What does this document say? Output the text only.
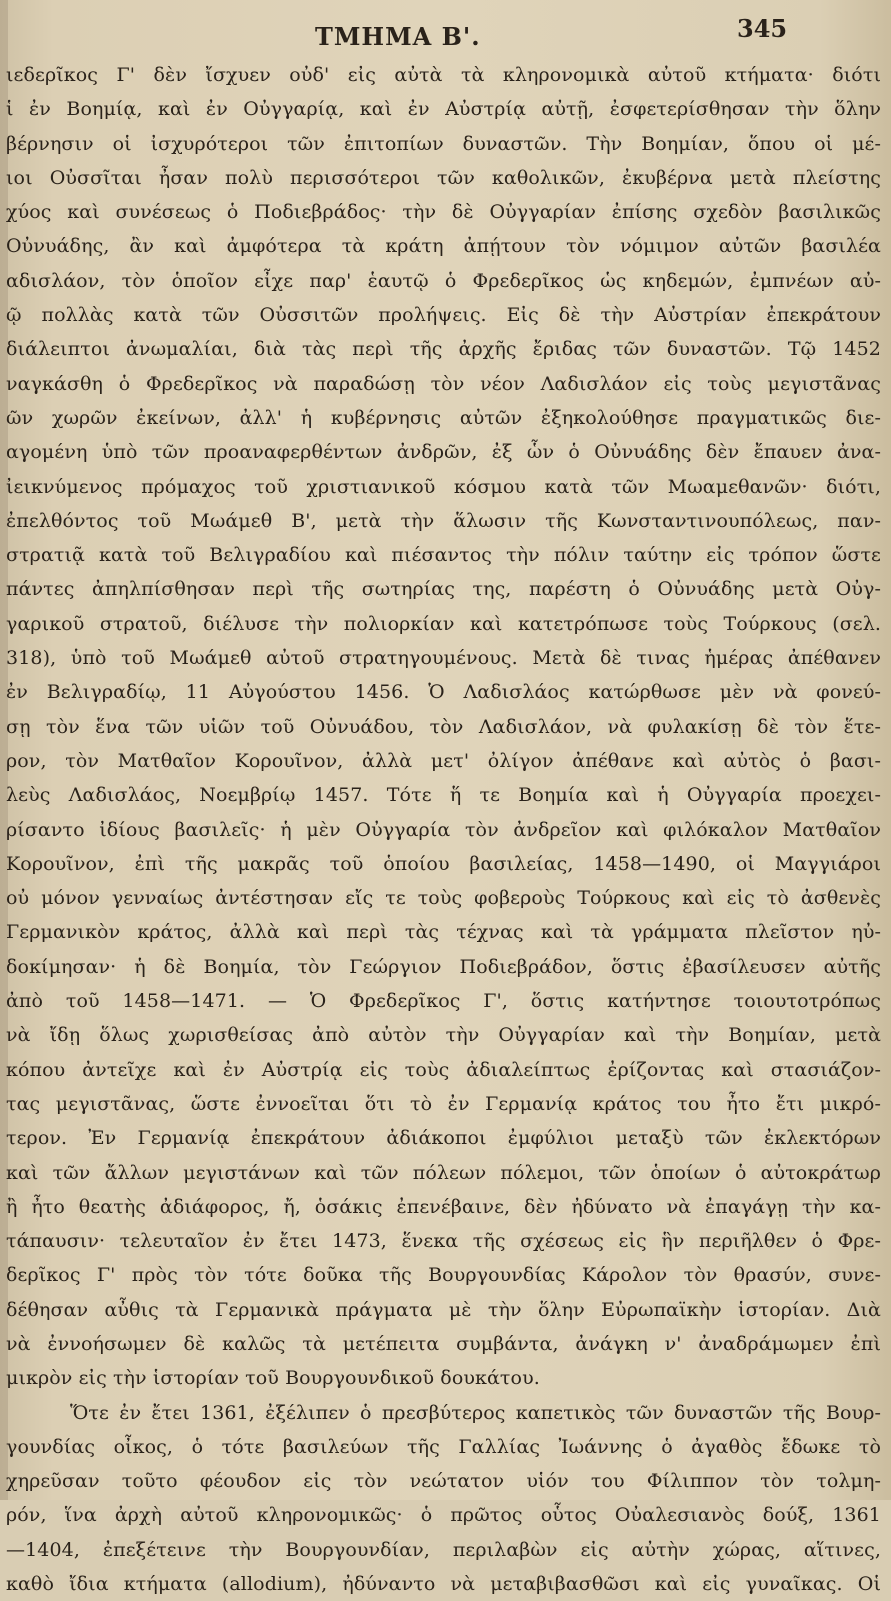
ΤΜΗΜΑ Β'.	345
ιεδερῖκος Γ' δὲν ἴσχυεν οὐδ' εἰς αὐτὰ τὰ κληρονομικὰ αὐτοῦ κτήματα· διότι
ἱ ἐν Βοημίᾳ, καὶ ἐν Οὐγγαρίᾳ, καὶ ἐν Αὐστρίᾳ αὐτῇ, ἐσφετερίσθησαν τὴν ὅλην
βέρνησιν οἱ ἰσχυρότεροι τῶν ἐπιτοπίων δυναστῶν. Τὴν Βοημίαν, ὅπου οἱ μέ-
ιοι Οὐσσῖται ἦσαν πολὺ περισσότεροι τῶν καθολικῶν, ἐκυβέρνα μετὰ πλείστης
χύος καὶ συνέσεως ὁ Ποδιεβράδος· τὴν δὲ Οὐγγαρίαν ἐπίσης σχεδὸν βασιλικῶς
Οὐνυάδης, ἂν καὶ ἀμφότερα τὰ κράτη ἀπῄτουν τὸν νόμιμον αὐτῶν βασιλέα
αδισλάον, τὸν ὁποῖον εἶχε παρ' ἑαυτῷ ὁ Φρεδερῖκος ὡς κηδεμών, ἐμπνέων αὐ-
ῷ πολλὰς κατὰ τῶν Οὐσσιτῶν προλήψεις. Εἰς δὲ τὴν Αὐστρίαν ἐπεκράτουν
διάλειπτοι ἀνωμαλίαι, διὰ τὰς περὶ τῆς ἀρχῆς ἔριδας τῶν δυναστῶν. Τῷ 1452
ναγκάσθη ὁ Φρεδερῖκος νὰ παραδώσῃ τὸν νέον Λαδισλάον εἰς τοὺς μεγιστᾶνας
ῶν χωρῶν ἐκείνων, ἀλλ' ἡ κυβέρνησις αὐτῶν ἐξηκολούθησε πραγματικῶς διε-
αγομένη ὑπὸ τῶν προαναφερθέντων ἀνδρῶν, ἐξ ὧν ὁ Οὐνυάδης δὲν ἔπαυεν ἀνα-
ἰεικνύμενος πρόμαχος τοῦ χριστιανικοῦ κόσμου κατὰ τῶν Μωαμεθανῶν· διότι,
ἐπελθόντος τοῦ Μωάμεθ Β', μετὰ τὴν ἅλωσιν τῆς Κωνσταντινουπόλεως, παν-
στρατιᾷ κατὰ τοῦ Βελιγραδίου καὶ πιέσαντος τὴν πόλιν ταύτην εἰς τρόπον ὥστε
πάντες ἀπηλπίσθησαν περὶ τῆς σωτηρίας της, παρέστη ὁ Οὐνυάδης μετὰ Οὐγ-
γαρικοῦ στρατοῦ, διέλυσε τὴν πολιορκίαν καὶ κατετρόπωσε τοὺς Τούρκους (σελ.
318), ὑπὸ τοῦ Μωάμεθ αὐτοῦ στρατηγουμένους. Μετὰ δὲ τινας ἡμέρας ἀπέθανεν
ἐν Βελιγραδίῳ, 11 Αὐγούστου 1456. Ὁ Λαδισλάος κατώρθωσε μὲν νὰ φονεύ-
σῃ τὸν ἕνα τῶν υἱῶν τοῦ Οὐνυάδου, τὸν Λαδισλάον, νὰ φυλακίσῃ δὲ τὸν ἕτε-
ρον, τὸν Ματθαῖον Κορουῖνον, ἀλλὰ μετ' ὀλίγον ἀπέθανε καὶ αὐτὸς ὁ βασι-
λεὺς Λαδισλάος, Νοεμβρίῳ 1457. Τότε ἥ τε Βοημία καὶ ἡ Οὐγγαρία προεχει-
ρίσαντο ἰδίους βασιλεῖς· ἡ μὲν Οὐγγαρία τὸν ἀνδρεῖον καὶ φιλόκαλον Ματθαῖον
Κορουῖνον, ἐπὶ τῆς μακρᾶς τοῦ ὁποίου βασιλείας, 1458—1490, οἱ Μαγγιάροι
οὐ μόνον γενναίως ἀντέστησαν εἴς τε τοὺς φοβεροὺς Τούρκους καὶ εἰς τὸ ἀσθενὲς
Γερμανικὸν κράτος, ἀλλὰ καὶ περὶ τὰς τέχνας καὶ τὰ γράμματα πλεῖστον ηὐ-
δοκίμησαν· ἡ δὲ Βοημία, τὸν Γεώργιον Ποδιεβράδον, ὅστις ἐβασίλευσεν αὐτῆς
ἀπὸ τοῦ 1458—1471. — Ὁ Φρεδερῖκος Γ', ὅστις κατήντησε τοιουτοτρόπως
νὰ ἴδῃ ὅλως χωρισθείσας ἀπὸ αὐτὸν τὴν Οὐγγαρίαν καὶ τὴν Βοημίαν, μετὰ
κόπου ἀντεῖχε καὶ ἐν Αὐστρίᾳ εἰς τοὺς ἀδιαλείπτως ἐρίζοντας καὶ στασιάζον-
τας μεγιστᾶνας, ὥστε ἐννοεῖται ὅτι τὸ ἐν Γερμανίᾳ κράτος του ἦτο ἔτι μικρό-
τερον. Ἐν Γερμανίᾳ ἐπεκράτουν ἀδιάκοποι ἐμφύλιοι μεταξὺ τῶν ἐκλεκτόρων
καὶ τῶν ἄλλων μεγιστάνων καὶ τῶν πόλεων πόλεμοι, τῶν ὁποίων ὁ αὐτοκράτωρ
ἢ ἦτο θεατὴς ἀδιάφορος, ἤ, ὁσάκις ἐπενέβαινε, δὲν ἠδύνατο νὰ ἐπαγάγῃ τὴν κα-
τάπαυσιν· τελευταῖον ἐν ἔτει 1473, ἕνεκα τῆς σχέσεως εἰς ἣν περιῆλθεν ὁ Φρε-
δερῖκος Γ' πρὸς τὸν τότε δοῦκα τῆς Βουργουνδίας Κάρολον τὸν θρασύν, συνε-
δέθησαν αὖθις τὰ Γερμανικὰ πράγματα μὲ τὴν ὅλην Εὐρωπαϊκὴν ἱστορίαν. Διὰ
νὰ ἐννοήσωμεν δὲ καλῶς τὰ μετέπειτα συμβάντα, ἀνάγκη ν' ἀναδράμωμεν ἐπὶ
μικρὸν εἰς τὴν ἱστορίαν τοῦ Βουργουνδικοῦ δουκάτου.
Ὅτε ἐν ἔτει 1361, ἐξέλιπεν ὁ πρεσβύτερος καπετικὸς τῶν δυναστῶν τῆς Βουρ-
γουνδίας οἶκος, ὁ τότε βασιλεύων τῆς Γαλλίας Ἰωάννης ὁ ἀγαθὸς ἔδωκε τὸ
χηρεῦσαν τοῦτο φέουδον εἰς τὸν νεώτατον υἱόν του Φίλιππον τὸν τολμη-
ρόν, ἵνα ἀρχὴ αὐτοῦ κληρονομικῶς· ὁ πρῶτος οὗτος Οὐαλεσιανὸς δούξ, 1361
—1404, ἐπεξέτεινε τὴν Βουργουνδίαν, περιλαβὼν εἰς αὐτὴν χώρας, αἵτινες,
καθὸ ἴδια κτήματα (allodium), ἠδύναντο νὰ μεταβιβασθῶσι καὶ εἰς γυναῖκας. Οἱ
